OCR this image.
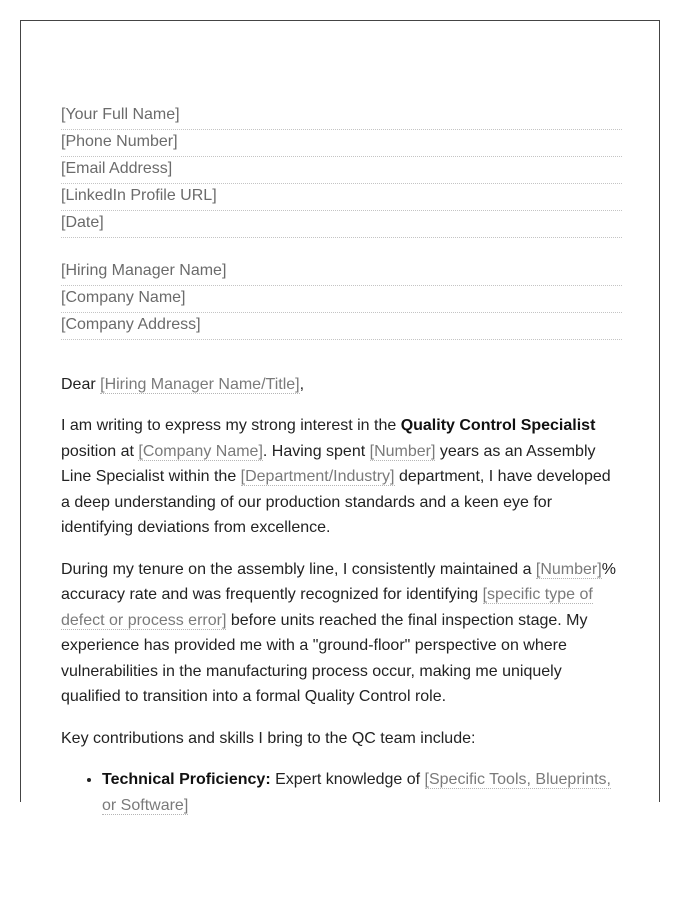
[Your Full Name]
[Phone Number]
[Email Address]
[LinkedIn Profile URL]
[Date]
[Hiring Manager Name]
[Company Name]
[Company Address]
Dear [Hiring Manager Name/Title],

I am writing to express my strong interest in the Quality Control Specialist position at [Company Name]. Having spent [Number] years as an Assembly Line Specialist within the [Department/Industry] department, I have developed a deep understanding of our production standards and a keen eye for identifying deviations from excellence.

During my tenure on the assembly line, I consistently maintained a [Number]% accuracy rate and was frequently recognized for identifying [specific type of defect or process error] before units reached the final inspection stage. My experience has provided me with a "ground-floor" perspective on where vulnerabilities in the manufacturing process occur, making me uniquely qualified to transition into a formal Quality Control role.

Key contributions and skills I bring to the QC team include:

• Technical Proficiency: Expert knowledge of [Specific Tools, Blueprints, or Software]
